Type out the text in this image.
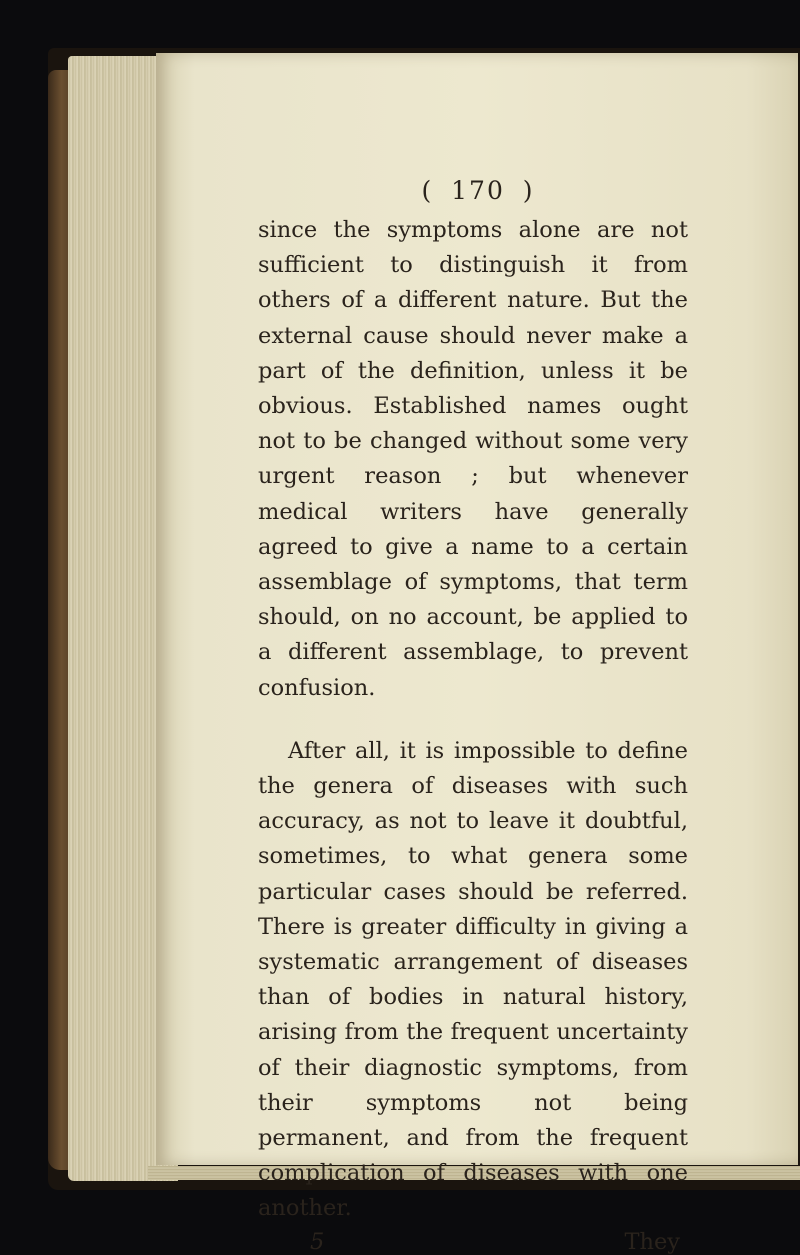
( 170 )

since the symptoms alone are not sufficient to distinguish it from others of a different nature. But the external cause should never make a part of the definition, unless it be obvious. Established names ought not to be changed without some very urgent reason ; but whenever medical writers have generally agreed to give a name to a certain assemblage of symptoms, that term should, on no account, be applied to a different assemblage, to prevent confusion.

After all, it is impossible to define the genera of diseases with such accuracy, as not to leave it doubtful, sometimes, to what genera some particular cases should be referred. There is greater difficulty in giving a systematic arrangement of diseases than of bodies in natural history, arising from the frequent uncertainty of their diagnostic symptoms, from their symptoms not being permanent, and from the frequent complication of diseases with one another.

5	They
